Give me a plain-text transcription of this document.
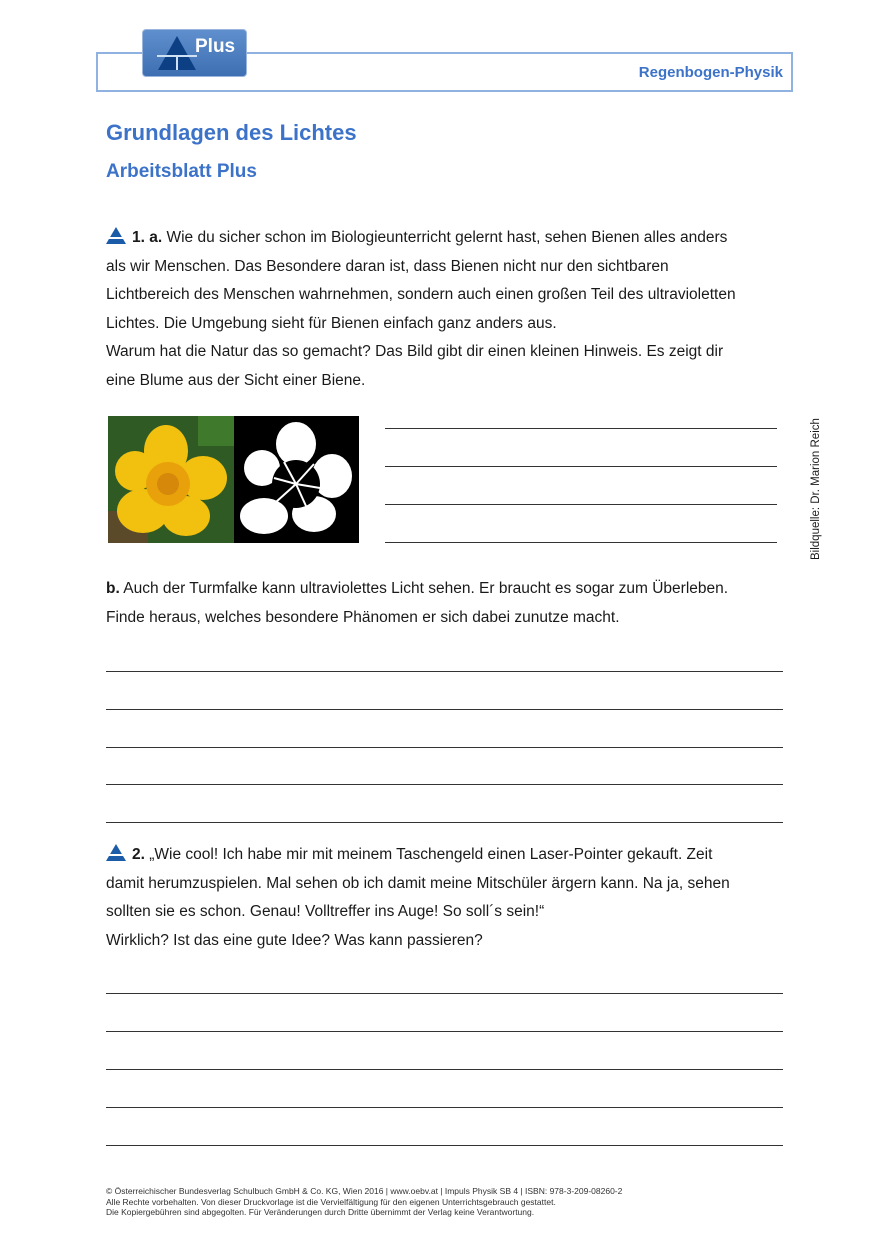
Plus
Regenbogen-Physik
Grundlagen des Lichtes
Arbeitsblatt Plus
1. a. Wie du sicher schon im Biologieunterricht gelernt hast, sehen Bienen alles anders
als wir Menschen. Das Besondere daran ist, dass Bienen nicht nur den sichtbaren
Lichtbereich des Menschen wahrnehmen, sondern auch einen großen Teil des ultravioletten
Lichtes. Die Umgebung sieht für Bienen einfach ganz anders aus.
Warum hat die Natur das so gemacht? Das Bild gibt dir einen kleinen Hinweis. Es zeigt dir
eine Blume aus der Sicht einer Biene.
Bildquelle: Dr. Marion Reich
b. Auch der Turmfalke kann ultraviolettes Licht sehen. Er braucht es sogar zum Überleben.
Finde heraus, welches besondere Phänomen er sich dabei zunutze macht.
2. „Wie cool! Ich habe mir mit meinem Taschengeld einen Laser-Pointer gekauft. Zeit
damit herumzuspielen. Mal sehen ob ich damit meine Mitschüler ärgern kann. Na ja, sehen
sollten sie es schon. Genau! Volltreffer ins Auge! So soll´s sein!“
Wirklich? Ist das eine gute Idee? Was kann passieren?
© Österreichischer Bundesverlag Schulbuch GmbH & Co. KG, Wien 2016 | www.oebv.at | Impuls Physik SB 4 | ISBN: 978-3-209-08260-2
Alle Rechte vorbehalten. Von dieser Druckvorlage ist die Vervielfältigung für den eigenen Unterrichtsgebrauch gestattet.
Die Kopiergebühren sind abgegolten. Für Veränderungen durch Dritte übernimmt der Verlag keine Verantwortung.
